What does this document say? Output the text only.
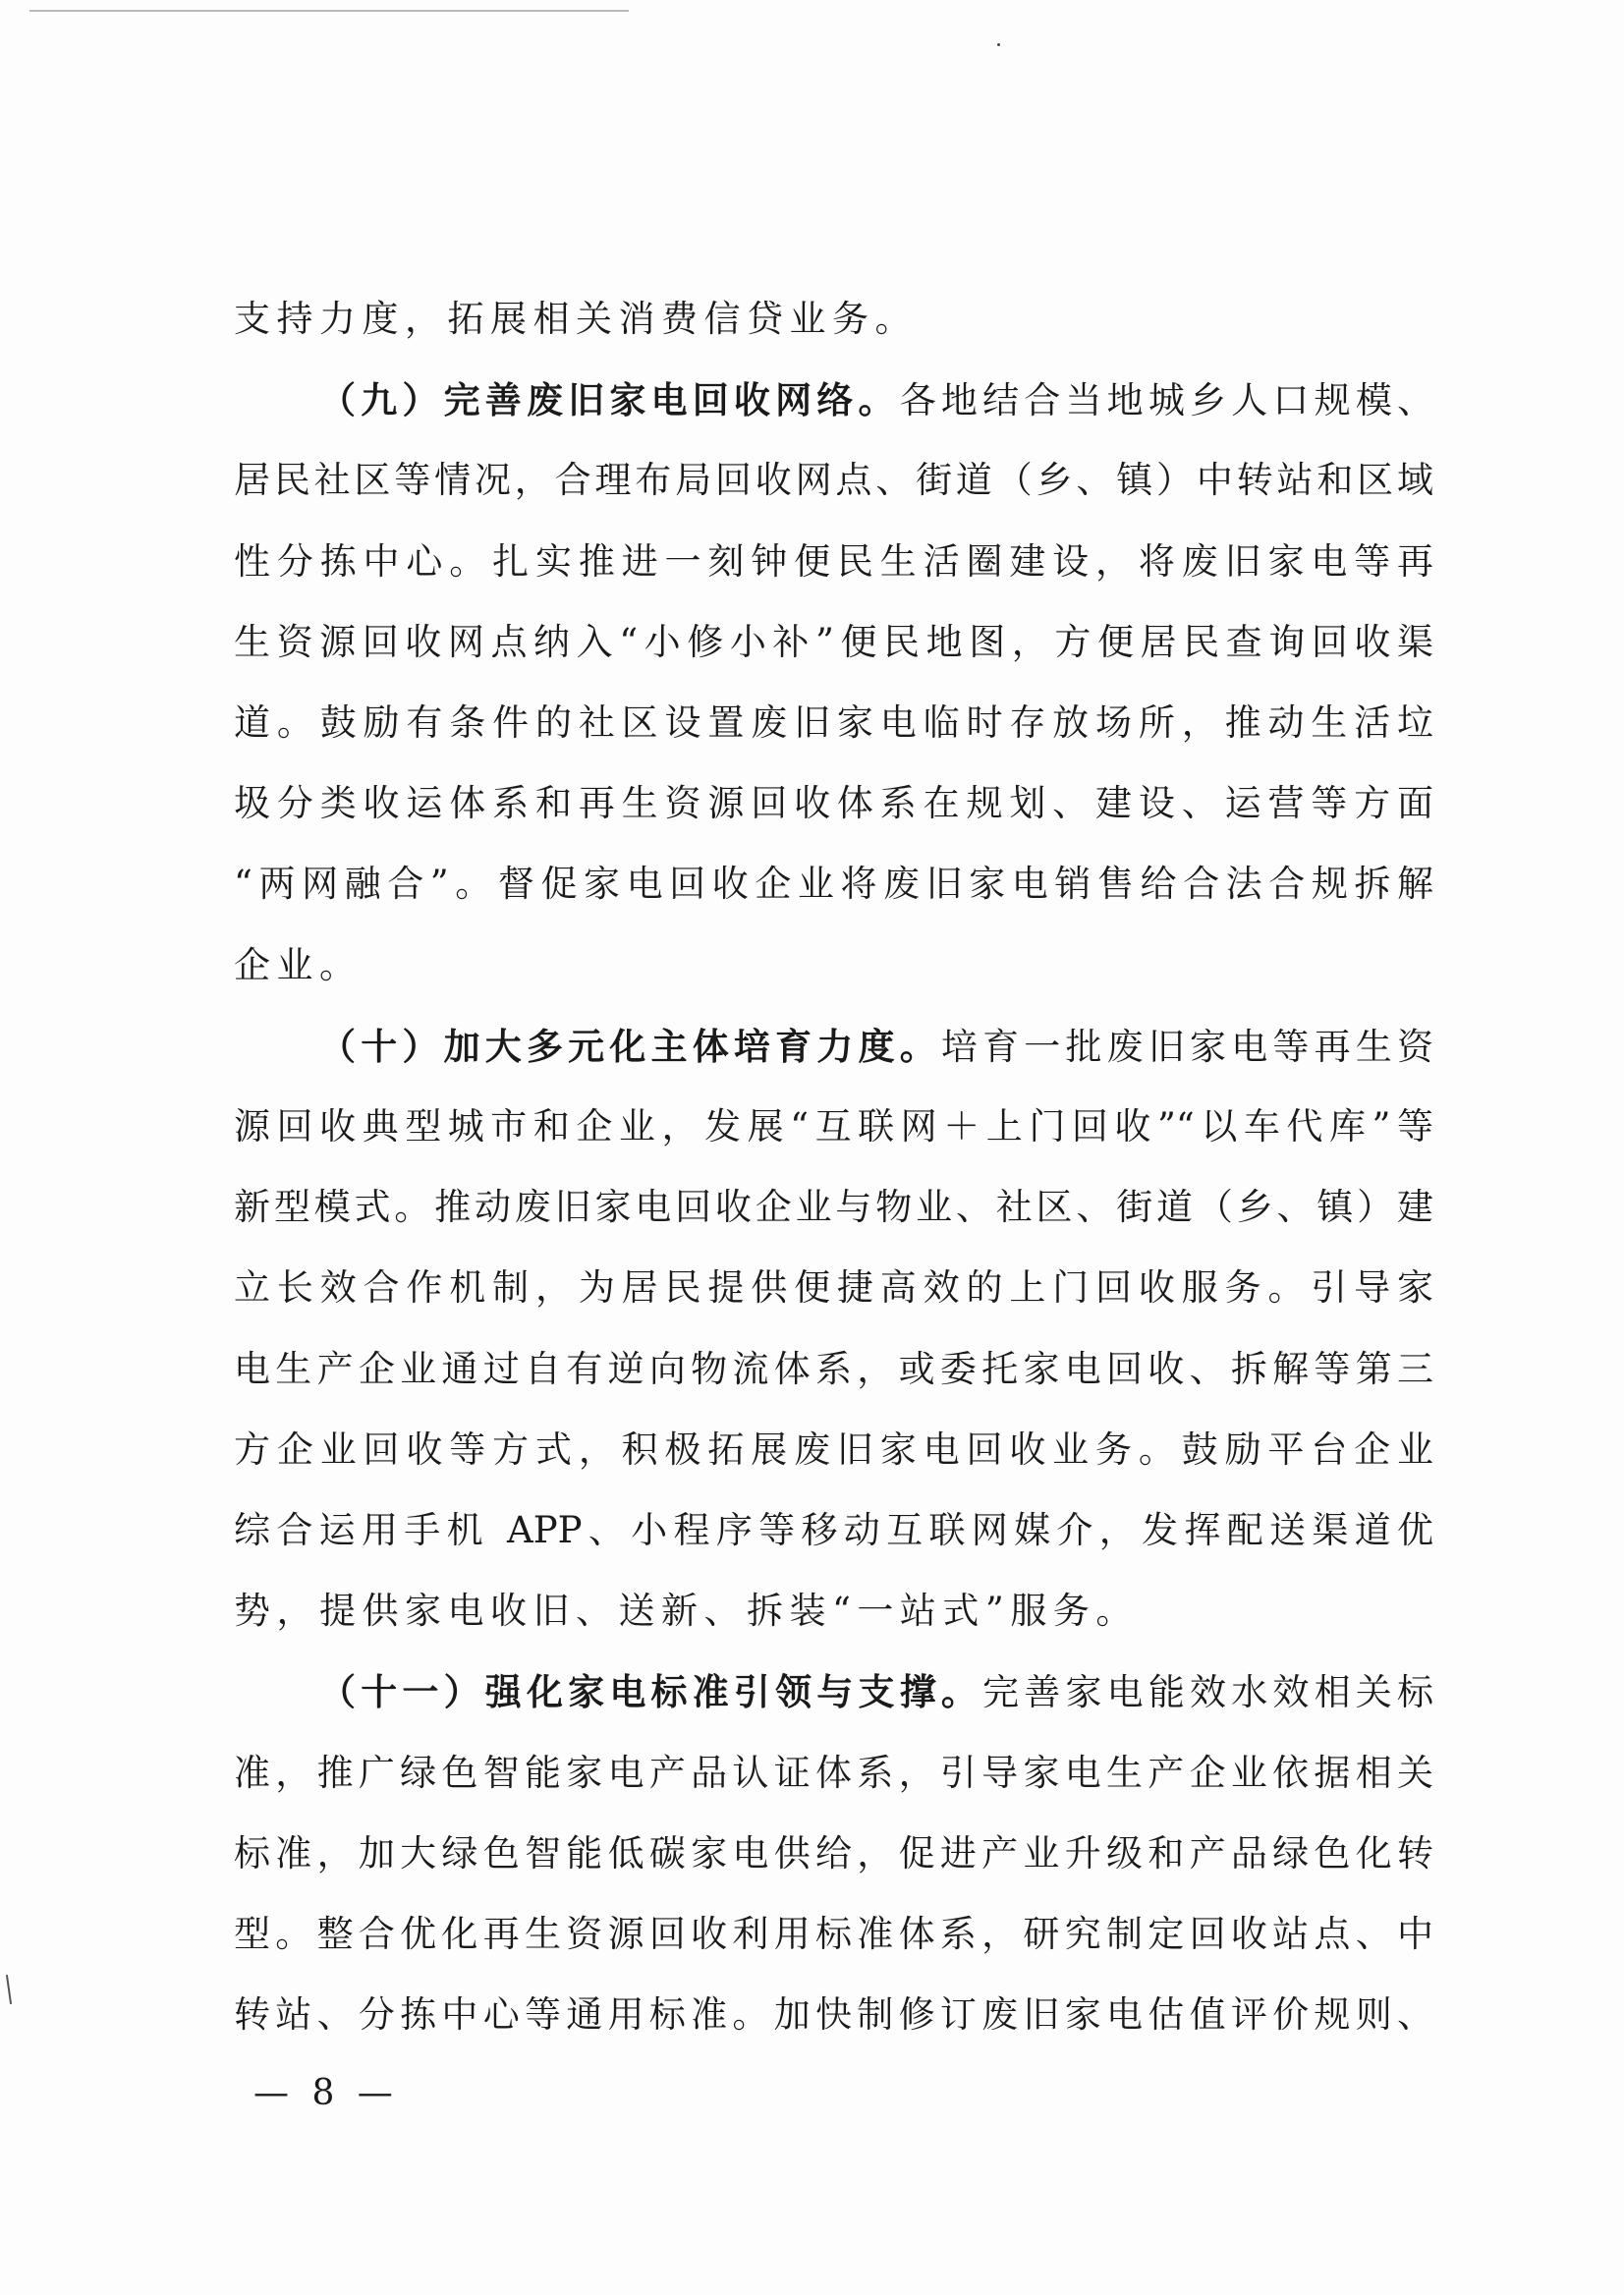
支持力度，拓展相关消费信贷业务。
（九）完善废旧家电回收网络。各地结合当地城乡人口规模、
居民社区等情况，合理布局回收网点、街道（乡、镇）中转站和区域
性分拣中心。扎实推进一刻钟便民生活圈建设，将废旧家电等再
生资源回收网点纳入“小修小补”便民地图，方便居民查询回收渠
道。鼓励有条件的社区设置废旧家电临时存放场所，推动生活垃
圾分类收运体系和再生资源回收体系在规划、建设、运营等方面
“两网融合”。督促家电回收企业将废旧家电销售给合法合规拆解
企业。
（十）加大多元化主体培育力度。培育一批废旧家电等再生资
源回收典型城市和企业，发展“互联网＋上门回收”“以车代库”等
新型模式。推动废旧家电回收企业与物业、社区、街道（乡、镇）建
立长效合作机制，为居民提供便捷高效的上门回收服务。引导家
电生产企业通过自有逆向物流体系，或委托家电回收、拆解等第三
方企业回收等方式，积极拓展废旧家电回收业务。鼓励平台企业
综合运用手机 APP、小程序等移动互联网媒介，发挥配送渠道优
势，提供家电收旧、送新、拆装“一站式”服务。
（十一）强化家电标准引领与支撑。完善家电能效水效相关标
准，推广绿色智能家电产品认证体系，引导家电生产企业依据相关
标准，加大绿色智能低碳家电供给，促进产业升级和产品绿色化转
型。整合优化再生资源回收利用标准体系，研究制定回收站点、中
转站、分拣中心等通用标准。加快制修订废旧家电估值评价规则、
— 8 —
